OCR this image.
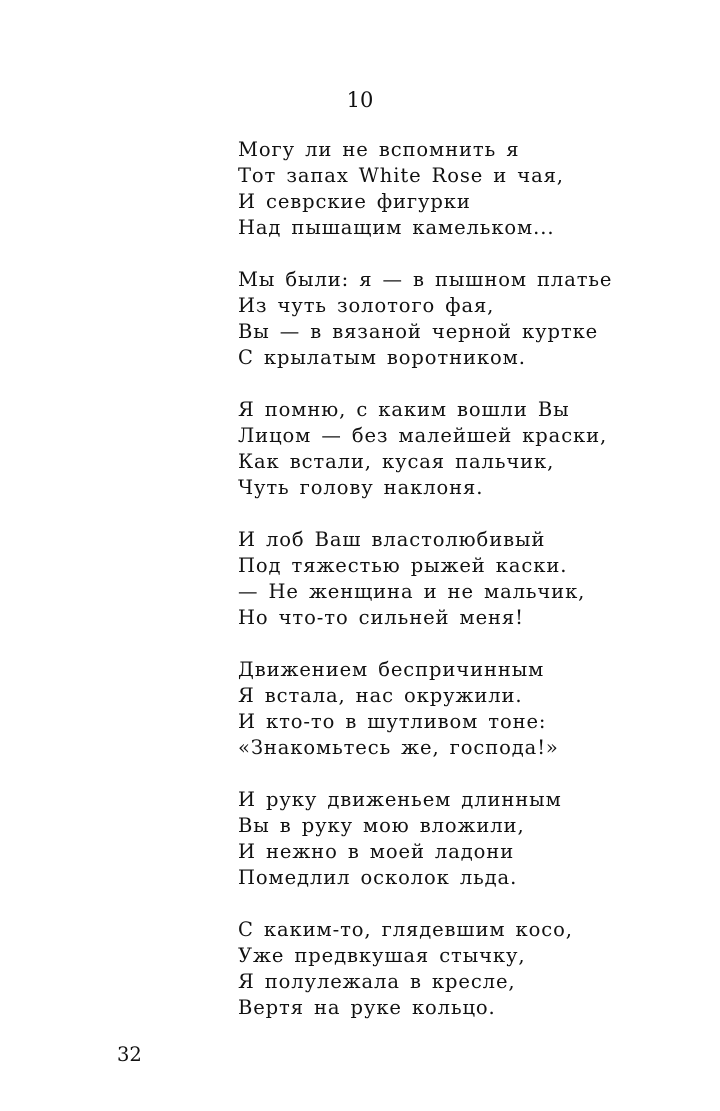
10
Могу ли не вспомнить я
Тот запах White Rose и чая,
И севрские фигурки
Над пышащим камельком...
Мы были: я — в пышном платье
Из чуть золотого фая,
Вы — в вязаной черной куртке
С крылатым воротником.
Я помню, с каким вошли Вы
Лицом — без малейшей краски,
Как встали, кусая пальчик,
Чуть голову наклоня.
И лоб Ваш властолюбивый
Под тяжестью рыжей каски.
— Не женщина и не мальчик,
Но что-то сильней меня!
Движением беспричинным
Я встала, нас окружили.
И кто-то в шутливом тоне:
«Знакомьтесь же, господа!»
И руку движеньем длинным
Вы в руку мою вложили,
И нежно в моей ладони
Помедлил осколок льда.
С каким-то, глядевшим косо,
Уже предвкушая стычку,
Я полулежала в кресле,
Вертя на руке кольцо.
32
